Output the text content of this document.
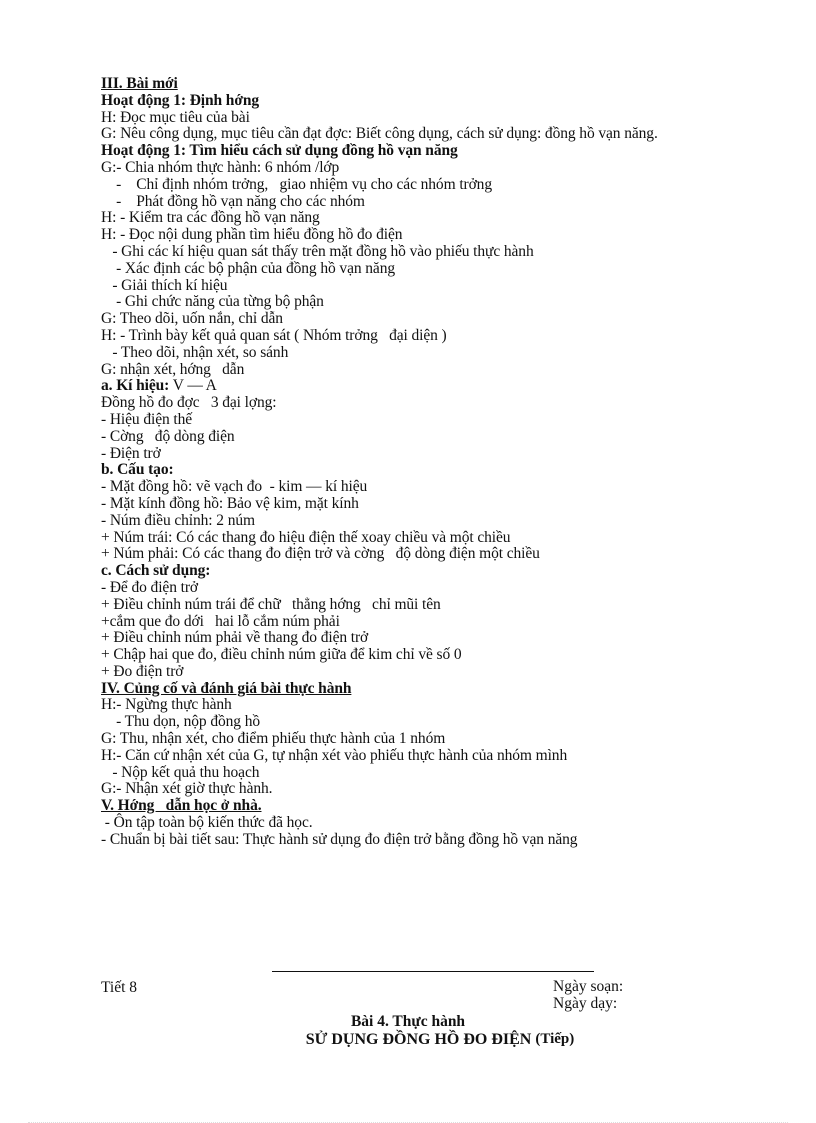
III. Bài mới
Hoạt động 1: Định hớng
H: Đọc mục tiêu của bài
G: Nêu công dụng, mục tiêu cần đạt đợc: Biết công dụng, cách sử dụng: đồng hồ vạn năng.
Hoạt động 1: Tìm hiểu cách sử dụng đồng hồ vạn năng
G:- Chia nhóm thực hành: 6 nhóm /lớp
-    Chỉ định nhóm trởng,   giao nhiệm vụ cho các nhóm trởng
-    Phát đồng hồ vạn năng cho các nhóm
H: - Kiểm tra các đồng hồ vạn năng
H: - Đọc nội dung phần tìm hiểu đồng hồ đo điện
- Ghi các kí hiệu quan sát thấy trên mặt đồng hồ vào phiếu thực hành
- Xác định các bộ phận của đồng hồ vạn năng
- Giải thích kí hiệu
- Ghi chức năng của từng bộ phận
G: Theo dõi, uốn nắn, chỉ dẫn
H: - Trình bày kết quả quan sát ( Nhóm trởng   đại diện )
- Theo dõi, nhận xét, so sánh
G: nhận xét, hớng   dẫn
a. Kí hiệu: V — A
Đồng hồ đo đợc   3 đại lợng:
- Hiệu điện thế
- Cờng   độ dòng điện
- Điện trở
b. Cấu tạo:
- Mặt đồng hồ: vẽ vạch đo  - kim — kí hiệu
- Mặt kính đồng hồ: Bảo vệ kim, mặt kính
- Núm điều chỉnh: 2 núm
+ Núm trái: Có các thang đo hiệu điện thế xoay chiều và một chiều
+ Núm phải: Có các thang đo điện trở và cờng   độ dòng điện một chiều
c. Cách sử dụng:
- Để đo điện trở
+ Điều chỉnh núm trái để chữ   thẳng hớng   chỉ mũi tên
+cắm que đo dới   hai lỗ cắm núm phải
+ Điều chỉnh núm phải về thang đo điện trở
+ Chập hai que đo, điều chỉnh núm giữa để kim chỉ về số 0
+ Đo điện trở
IV. Củng cố và đánh giá bài thực hành
H:- Ngừng thực hành
- Thu dọn, nộp đồng hồ
G: Thu, nhận xét, cho điểm phiếu thực hành của 1 nhóm
H:- Căn cứ nhận xét của G, tự nhận xét vào phiếu thực hành của nhóm mình
- Nộp kết quả thu hoạch
G:- Nhận xét giờ thực hành.
V. Hớng   dẫn học ở nhà.
- Ôn tập toàn bộ kiến thức đã học.
- Chuẩn bị bài tiết sau: Thực hành sử dụng đo điện trở bằng đồng hồ vạn năng
Tiết 8	Ngày soạn:
Ngày dạy:
Bài 4. Thực hành
SỬ DỤNG ĐỒNG HỒ ĐO ĐIỆN (Tiếp)
